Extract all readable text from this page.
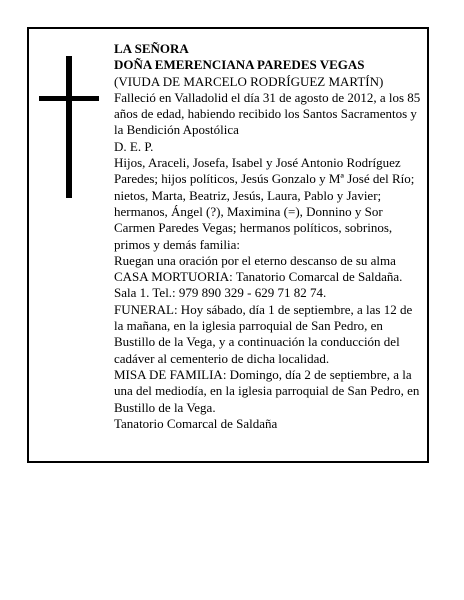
LA SEÑORA

DOÑA EMERENCIANA PAREDES VEGAS

(VIUDA DE MARCELO RODRÍGUEZ MARTÍN)

Falleció en Valladolid el día 31 de agosto de 2012, a los 85 años de edad, habiendo recibido los Santos Sacramentos y la Bendición Apostólica

D. E. P.

Hijos, Araceli, Josefa, Isabel y José Antonio Rodríguez Paredes; hijos políticos, Jesús Gonzalo y Mª José del Río; nietos, Marta, Beatriz, Jesús, Laura, Pablo y Javier; hermanos, Ángel (?), Maximina (=), Donnino y Sor Carmen Paredes Vegas; hermanos políticos, sobrinos, primos y demás familia:

Ruegan una oración por el eterno descanso de su alma

CASA MORTUORIA: Tanatorio Comarcal de Saldaña. Sala 1. Tel.: 979 890 329 - 629 71 82 74.

FUNERAL: Hoy sábado, día 1 de septiembre, a las 12 de la mañana, en la iglesia parroquial de San Pedro, en Bustillo de la Vega, y a continuación la conducción del cadáver al cementerio de dicha localidad.

MISA DE FAMILIA: Domingo, día 2 de septiembre, a la una del mediodía, en la iglesia parroquial de San Pedro, en Bustillo de la Vega.

Tanatorio Comarcal de Saldaña
